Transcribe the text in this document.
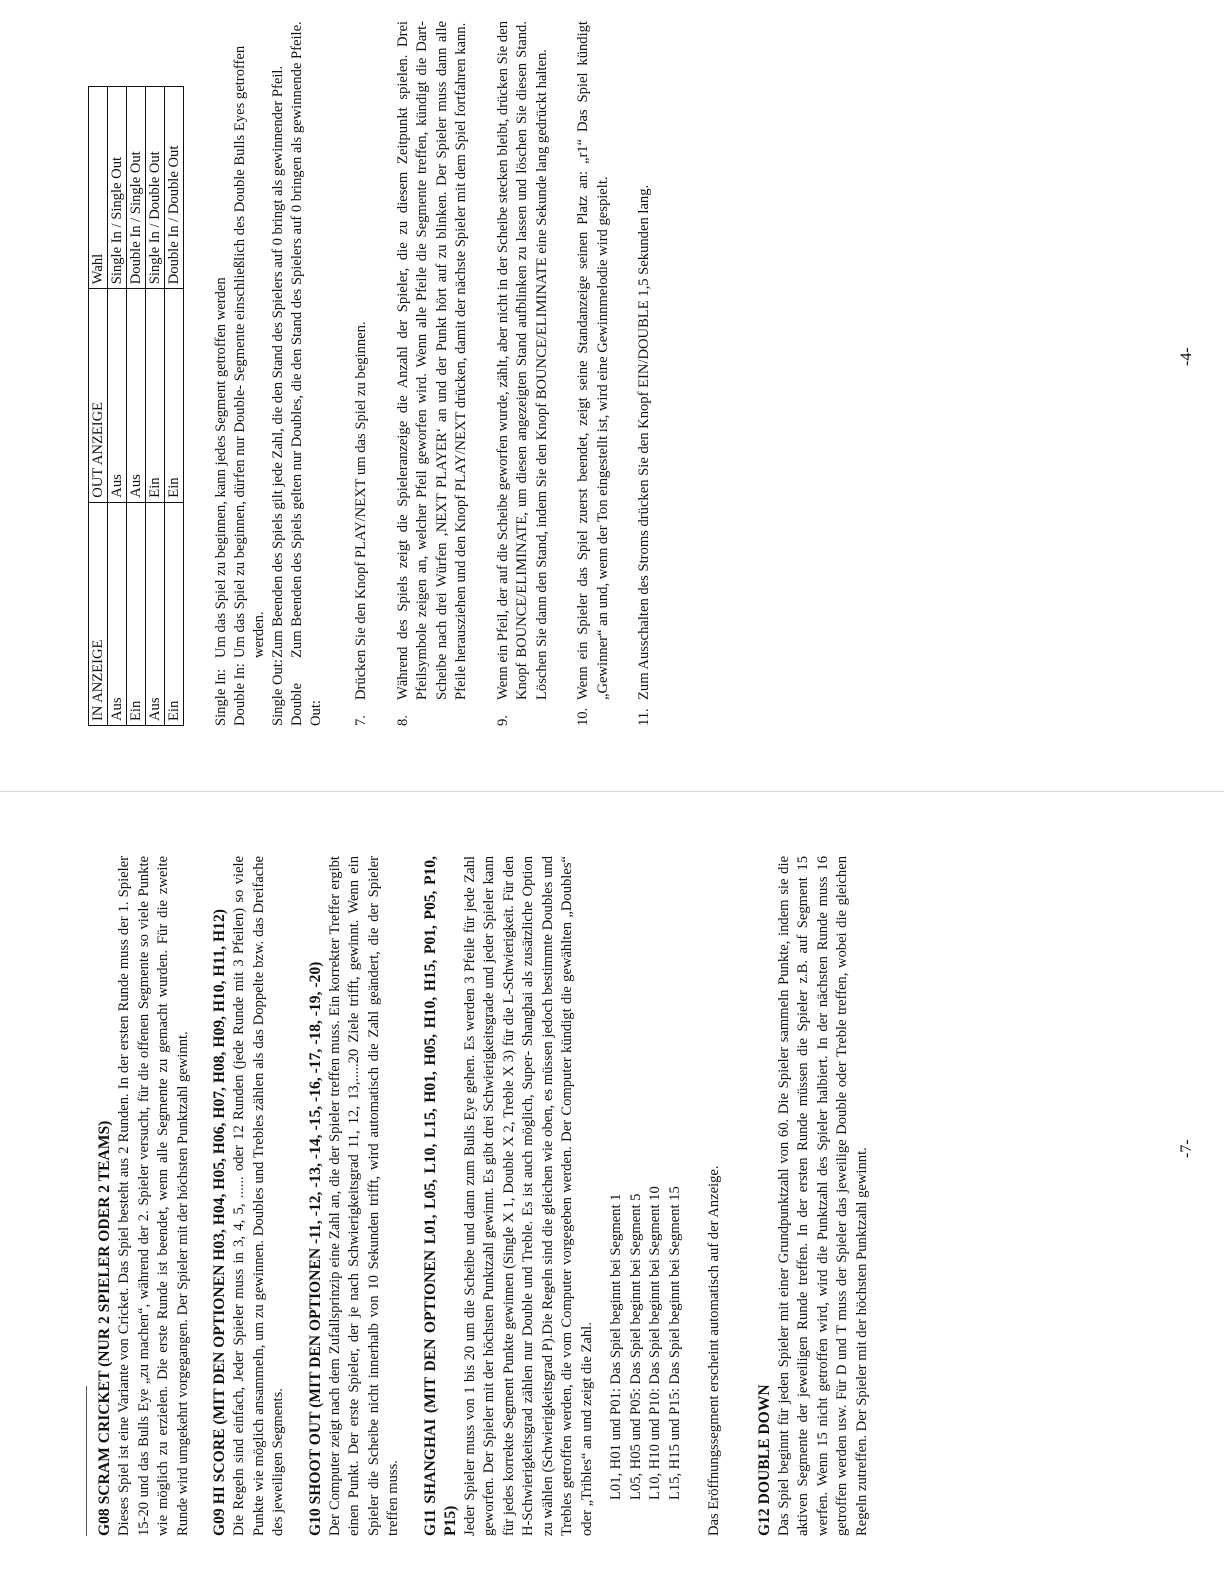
G08 SCRAM CRICKET (NUR 2 SPIELER ODER 2 TEAMS) Dieses Spiel ist eine Variante von Cricket. Das Spiel besteht aus 2 Runden. In der ersten Runde muss der 1. Spieler 15-20 und das Bulls Eye „zu machen“, während der 2. Spieler versucht, für die offenen Segmente so viele Punkte wie möglich zu erzielen. Die erste Runde ist beendet, wenn alle Segmente zu gemacht wurden. Für die zweite Runde wird umgekehrt vorgegangen. Der Spieler mit der höchsten Punktzahl gewinnt. G09 HI SCORE (MIT DEN OPTIONEN H03, H04, H05, H06, H07, H08, H09, H10, H11, H12) Die Regeln sind einfach, Jeder Spieler muss in 3, 4, 5, ...... oder 12 Runden (jede Runde mit 3 Pfeilen) so viele Punkte wie möglich ansammeln, um zu gewinnen. Doubles und Trebles zählen als das Doppelte bzw. das Dreifache des jeweiligen Segments. G10 SHOOT OUT (MIT DEN OPTIONEN -11, -12, -13, -14, -15, -16, -17, -18, -19, -20) Der Computer zeigt nach dem Zufallsprinzip eine Zahl an, die der Spieler treffen muss. Ein korrekter Treffer ergibt einen Punkt. Der erste Spieler, der je nach Schwierigkeitsgrad 11, 12, 13,.....20 Ziele trifft, gewinnt. Wenn ein Spieler die Scheibe nicht innerhalb von 10 Sekunden trifft, wird automatisch die Zahl geändert, die der Spieler treffen muss. G11 SHANGHAI (MIT DEN OPTIONEN L01, L05, L10, L15, H01, H05, H10, H15, P01, P05, P10, P15) Jeder Spieler muss von 1 bis 20 um die Scheibe und dann zum Bulls Eye gehen. Es werden 3 Pfeile für jede Zahl geworfen. Der Spieler mit der höchsten Punktzahl gewinnt. Es gibt drei Schwierigkeitsgrade und jeder Spieler kann für jedes korrekte Segment Punkte gewinnen (Single X 1, Double X 2, Treble X 3) für die L-Schwierigkeit. Für den H-Schwierigkeitsgrad zählen nur Double und Treble. Es ist auch möglich, Super- Shanghai als zusätzliche Option zu wählen (Schwierigkeitsgrad P).Die Regeln sind die gleichen wie oben, es müssen jedoch bestimmte Doubles und Trebles getroffen werden, die vom Computer vorgegeben werden. Der Computer kündigt die gewählten „Doubles“ oder „Tribles“ an und zeigt die Zahl. L01, H01 und P01: Das Spiel beginnt bei Segment 1 L05, H05 und P05: Das Spiel beginnt bei Segment 5 L10, H10 und P10: Das Spiel beginnt bei Segment 10 L15, H15 und P15: Das Spiel beginnt bei Segment 15 Das Eröffnungssegment erscheint automatisch auf der Anzeige. G12 DOUBLE DOWN Das Spiel beginnt für jeden Spieler mit einer Grundpunktzahl von 60. Die Spieler sammeln Punkte, indem sie die aktiven Segmente der jeweiligen Runde treffen. In der ersten Runde müssen die Spieler z.B. auf Segment 15 werfen. Wenn 15 nicht getroffen wird, wird die Punktzahl des Spieler halbiert. In der nächsten Runde muss 16 getroffen werden usw. Für D und T muss der Spieler das jeweilige Double oder Treble treffen, wobei die gleichen Regeln zutreffen. Der Spieler mit der höchsten Punktzahl gewinnt.	-7-
IN ANZEIGE	OUT ANZEIGE	Wahl
Aus	Aus	Single In / Single Out
Ein	Aus	Double In / Single Out
Aus	Ein	Single In / Double Out
Ein	Ein	Double In / Double Out
Single In:
Um das Spiel zu beginnen, kann jedes Segment getroffen werden
Double In:
Um das Spiel zu beginnen, dürfen nur Double- Segmente einschließlich des Double Bulls Eyes getroffen werden.
Single Out:
Zum Beenden des Spiels gilt jede Zahl, die den Stand des Spielers auf 0 bringt als gewinnender Pfeil.
Double Out:
Zum Beenden des Spiels gelten nur Doubles, die den Stand des Spielers auf 0 bringen als gewinnende Pfeile.
7.
Drücken Sie den Knopf PLAY/NEXT um das Spiel zu beginnen.
8.
Während des Spiels zeigt die Spieleranzeige die Anzahl der Spieler, die zu diesem Zeitpunkt spielen. Drei Pfeilsymbole zeigen an, welcher Pfeil geworfen wird. Wenn alle Pfeile die Segmente treffen, kündigt die Dart-Scheibe nach drei Würfen ‚NEXT PLAYER‘ an und der Punkt hört auf zu blinken. Der Spieler muss dann alle Pfeile herausziehen und den Knopf PLAY/NEXT drücken, damit der nächste Spieler mit dem Spiel fortfahren kann.
9.
Wenn ein Pfeil, der auf die Scheibe geworfen wurde, zählt, aber nicht in der Scheibe stecken bleibt, drücken Sie den Knopf BOUNCE/ELIMINATE, um diesen angezeigten Stand aufblinken zu lassen und löschen Sie diesen Stand. Löschen Sie dann den Stand, indem Sie den Knopf BOUNCE/ELIMINATE eine Sekunde lang gedrückt halten.
10.
Wenn ein Spieler das Spiel zuerst beendet, zeigt seine Standanzeige seinen Platz an: „r1“ Das Spiel kündigt „Gewinner“ an und, wenn der Ton eingestellt ist, wird eine Gewinnmelodie wird gespielt.
11.
Zum Ausschalten des Stroms drücken Sie den Knopf EIN/DOUBLE 1,5 Sekunden lang.	-4-
